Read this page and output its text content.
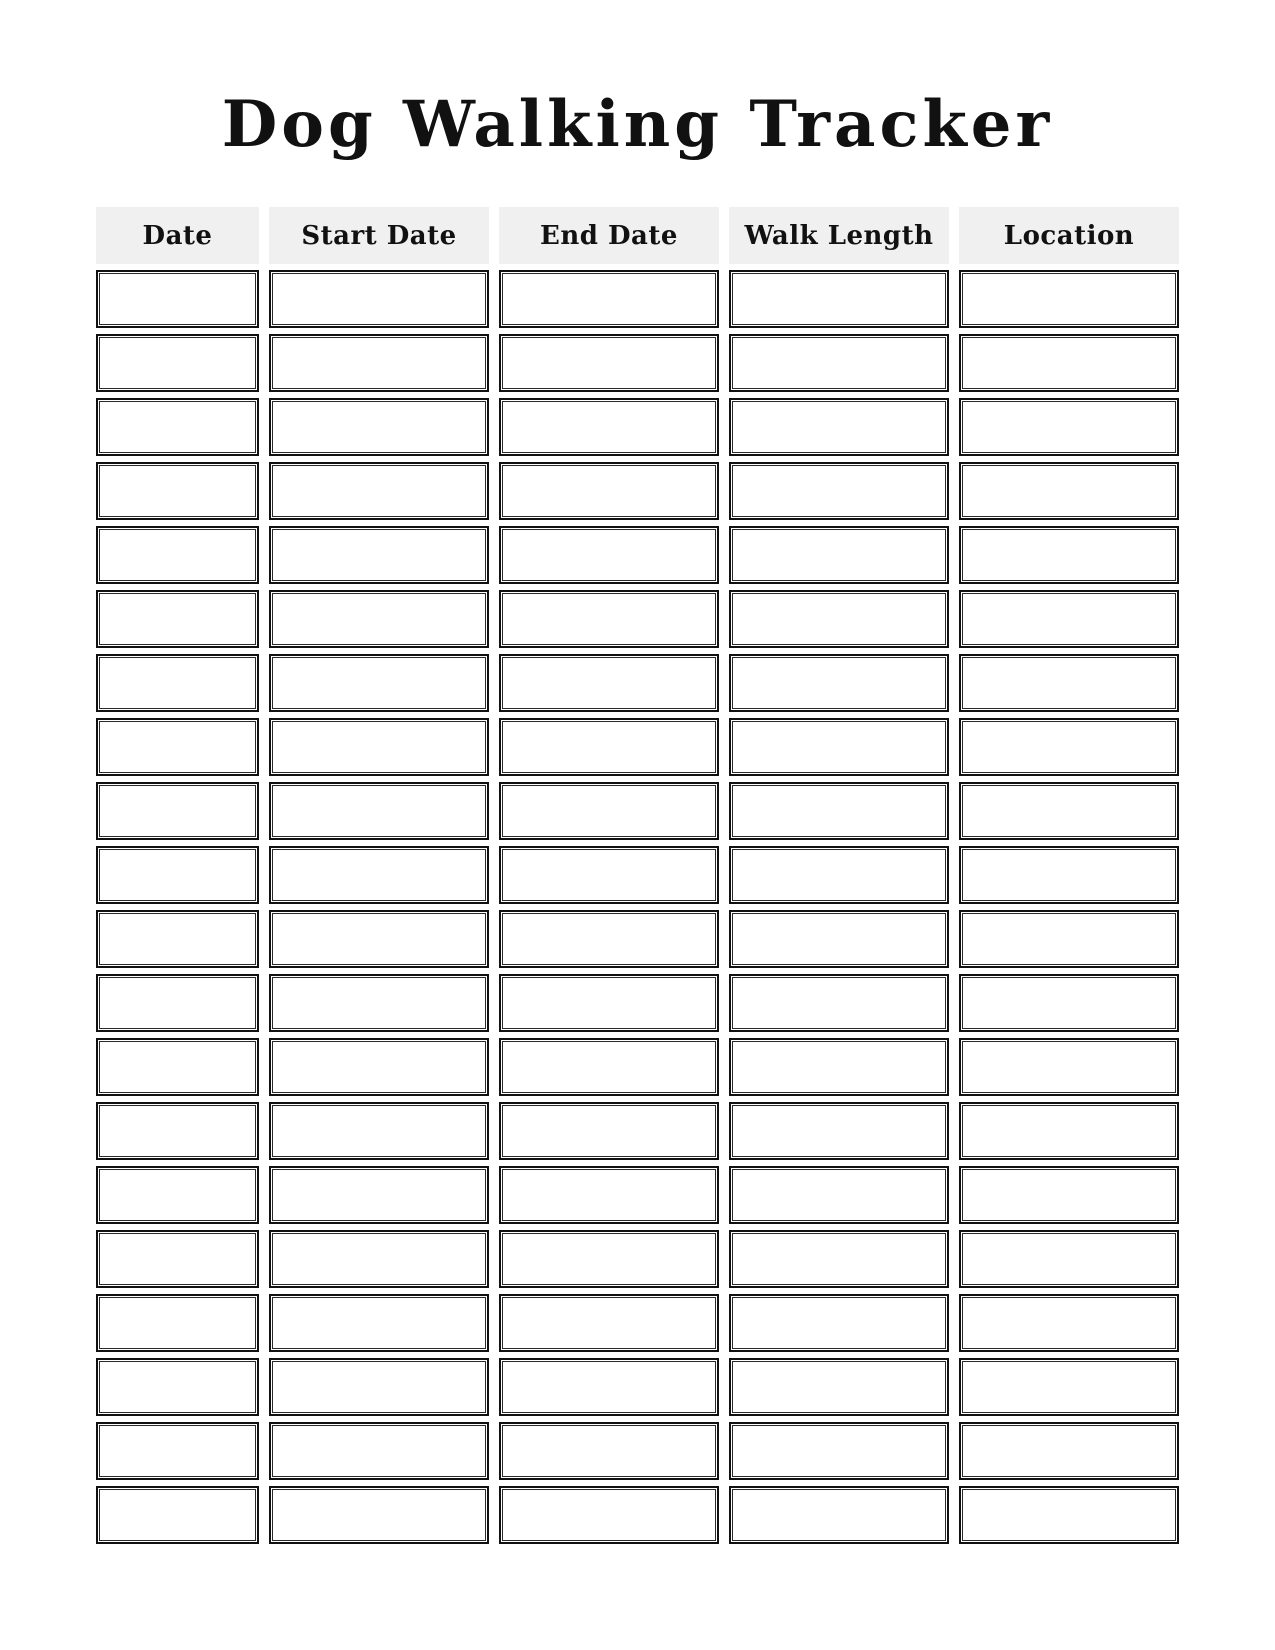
Dog Walking Tracker
Date	Start Date	End Date	Walk Length	Location
